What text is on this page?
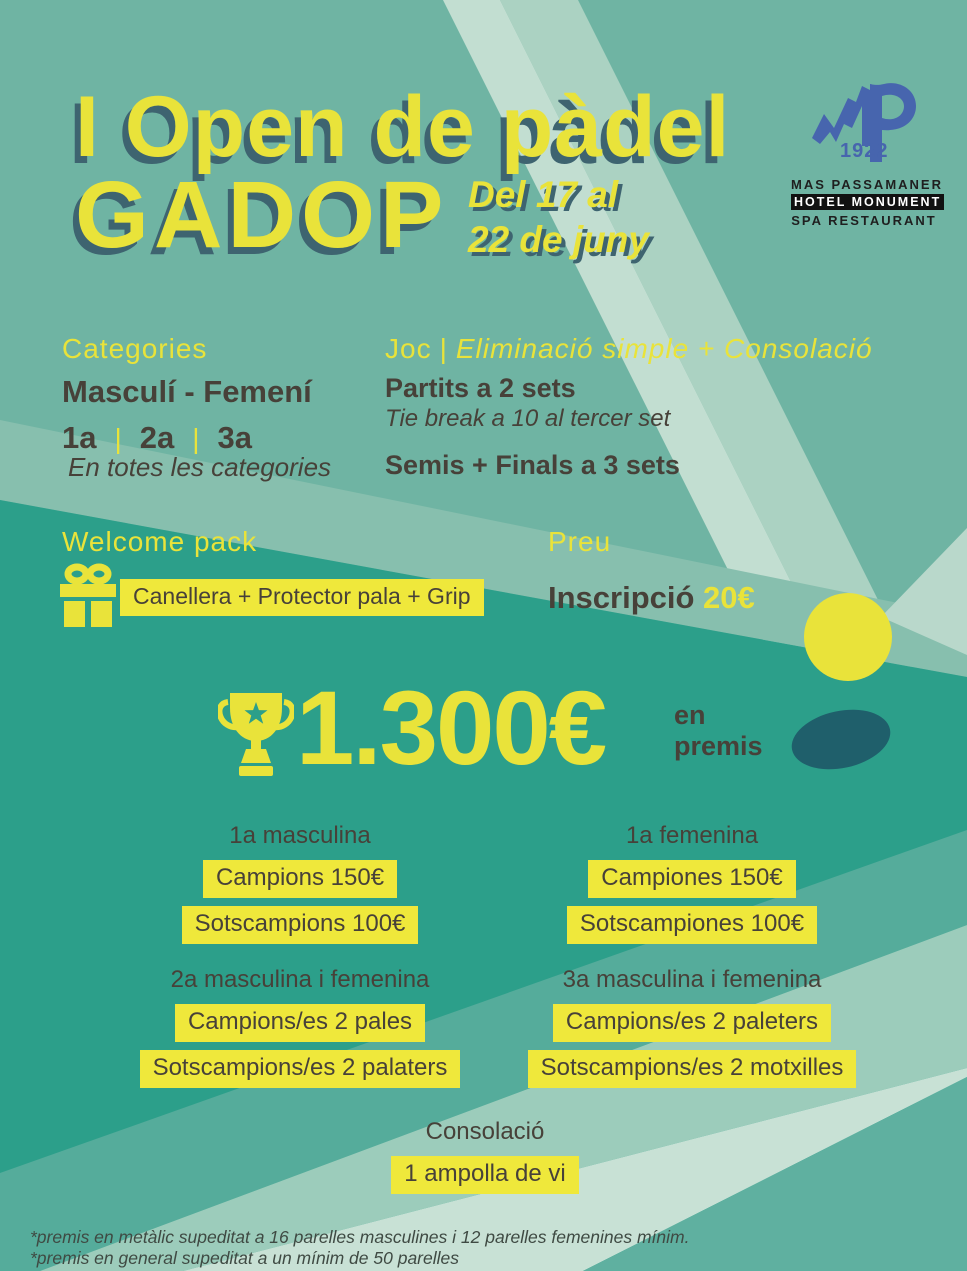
I Open de pàdel
GADOP Del 17 al
22 de juny
1922
MAS PASSAMANER
HOTEL MONUMENT
SPA RESTAURANT
Categories
Masculí - Femení
1a | 2a | 3a
En totes les categories
Joc | Eliminació simple + Consolació
Partits a 2 sets
Tie break a 10 al tercer set
Semis + Finals a 3 sets
Welcome pack
Canellera + Protector pala + Grip
Preu
Inscripció 20€
1.300€	en
premis
1a masculina
Campions 150€
Sotscampions 100€
1a femenina
Campiones 150€
Sotscampiones 100€
2a masculina i femenina
Campions/es 2 pales
Sotscampions/es 2 palaters
3a masculina i femenina
Campions/es 2 paleters
Sotscampions/es 2 motxilles
Consolació
1 ampolla de vi
*premis en metàlic supeditat a 16 parelles masculines i 12 parelles femenines mínim.
*premis en general supeditat a un mínim de 50 parelles
